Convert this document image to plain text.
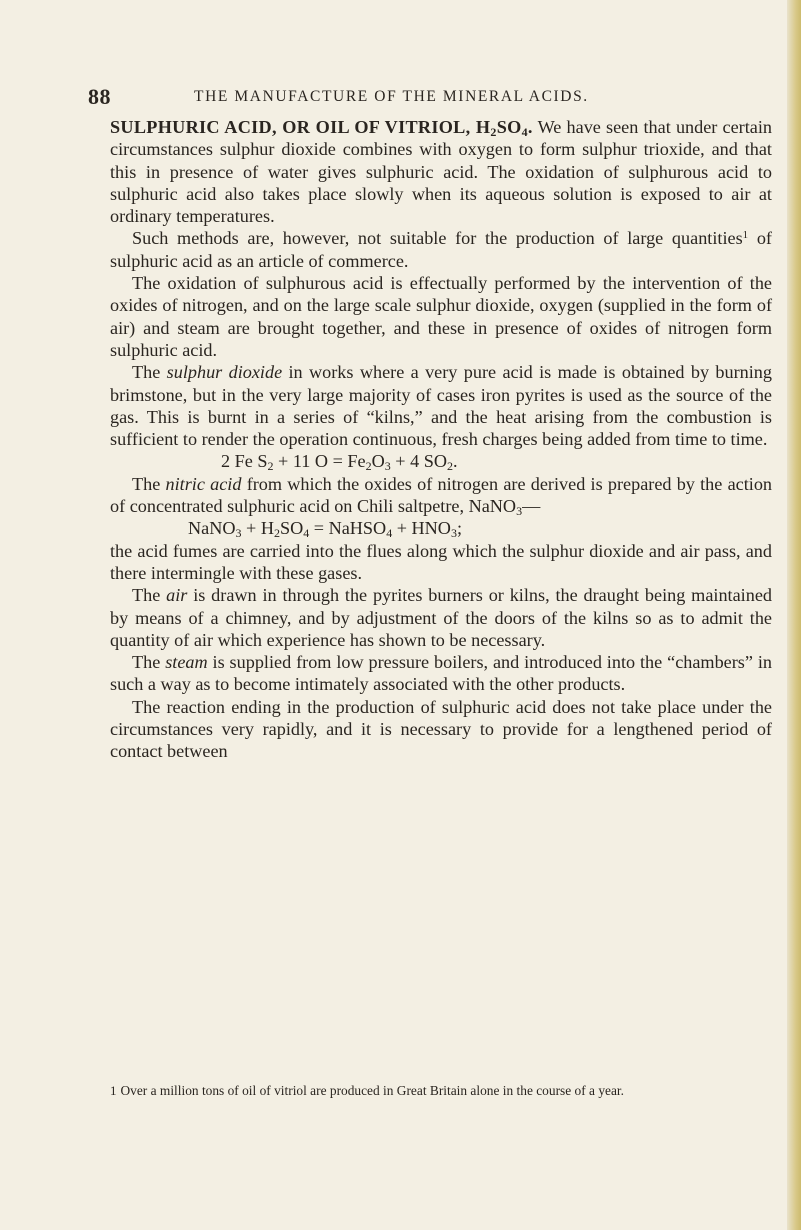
88	THE MANUFACTURE OF THE MINERAL ACIDS.

SULPHURIC ACID, OR OIL OF VITRIOL, $H_2SO_4$. We have seen that under certain circumstances sulphur dioxide combines with oxygen to form sulphur trioxide, and that this in presence of water gives sulphuric acid. The oxidation of sulphurous acid to sulphuric acid also takes place slowly when its aqueous solution is exposed to air at ordinary temperatures.

Such methods are, however, not suitable for the production of large quantities$^1$ of sulphuric acid as an article of commerce.

The oxidation of sulphurous acid is effectually performed by the intervention of the oxides of nitrogen, and on the large scale sulphur dioxide, oxygen (supplied in the form of air) and steam are brought together, and these in presence of oxides of nitrogen form sulphuric acid.

The sulphur dioxide in works where a very pure acid is made is obtained by burning brimstone, but in the very large majority of cases iron pyrites is used as the source of the gas. This is burnt in a series of “kilns,” and the heat arising from the combustion is sufficient to render the operation continuous, fresh charges being added from time to time.

2 Fe $S_2 + 11$ $O = Fe_2O_3 + 4$ $SO_2$.

The nitric acid from which the oxides of nitrogen are derived is prepared by the action of concentrated sulphuric acid on Chili saltpetre, NaNO$_3$—

NaNO$_3$ + $H_2SO_4$ = NaHSO$_4$ + $HNO_3$;

the acid fumes are carried into the flues along which the sulphur dioxide and air pass, and there intermingle with these gases.

The air is drawn in through the pyrites burners or kilns, the draught being maintained by means of a chimney, and by adjustment of the doors of the kilns so as to admit the quantity of air which experience has shown to be necessary.

The steam is supplied from low pressure boilers, and introduced into the “chambers” in such a way as to become intimately associated with the other products.

The reaction ending in the production of sulphuric acid does not take place under the circumstances very rapidly, and it is necessary to provide for a lengthened period of contact between

1 Over a million tons of oil of vitriol are produced in Great Britain alone in the course of a year.
